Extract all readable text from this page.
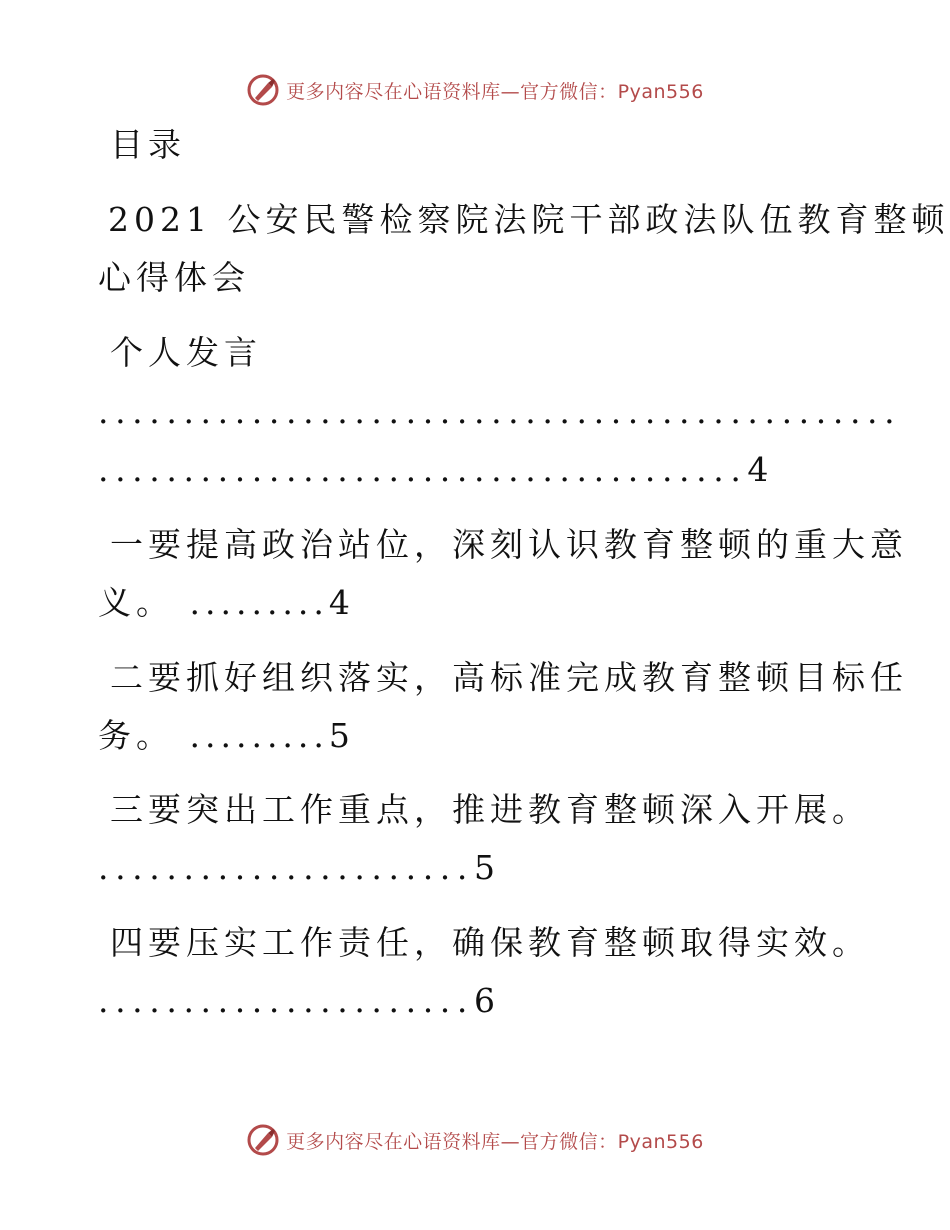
更多内容尽在心语资料库—官方微信：Pyan556
目录
2021 公安民警检察院法院干部政法队伍教育整顿
心得体会
个人发言
...............................................
......................................4
一要提高政治站位，深刻认识教育整顿的重大意
义。 .........4
二要抓好组织落实，高标准完成教育整顿目标任
务。 .........5
三要突出工作重点，推进教育整顿深入开展。
......................5
四要压实工作责任，确保教育整顿取得实效。
......................6
更多内容尽在心语资料库—官方微信：Pyan556
